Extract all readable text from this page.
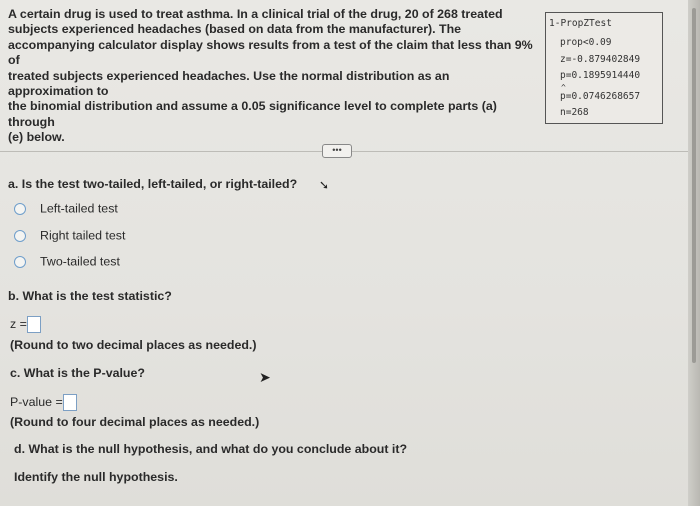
A certain drug is used to treat asthma. In a clinical trial of the drug, 20 of 268 treated
subjects experienced headaches (based on data from the manufacturer). The
accompanying calculator display shows results from a test of the claim that less than 9% of
treated subjects experienced headaches. Use the normal distribution as an approximation to
the binomial distribution and assume a 0.05 significance level to complete parts (a) through
(e) below.
1-PropZTest
prop<0.09
z=-0.879402849
p=0.1895914440
^
p=0.0746268657
n=268
•••
a. Is the test two-tailed, left-tailed, or right-tailed? ➘
Left-tailed test
Right tailed test
Two-tailed test
b. What is the test statistic?
z =
(Round to two decimal places as needed.)
c. What is the P-value?	➤
P-value =
(Round to four decimal places as needed.)
d. What is the null hypothesis, and what do you conclude about it?
Identify the null hypothesis.
